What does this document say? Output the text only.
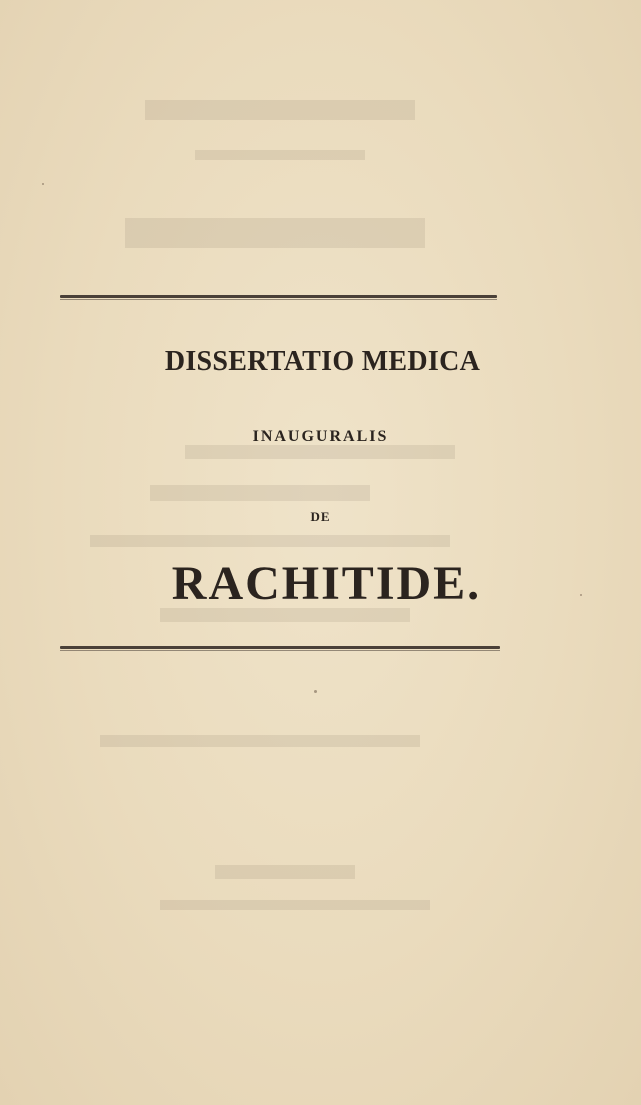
DISSERTATIO MEDICA

INAUGURALIS

DE

RACHITIDE.
